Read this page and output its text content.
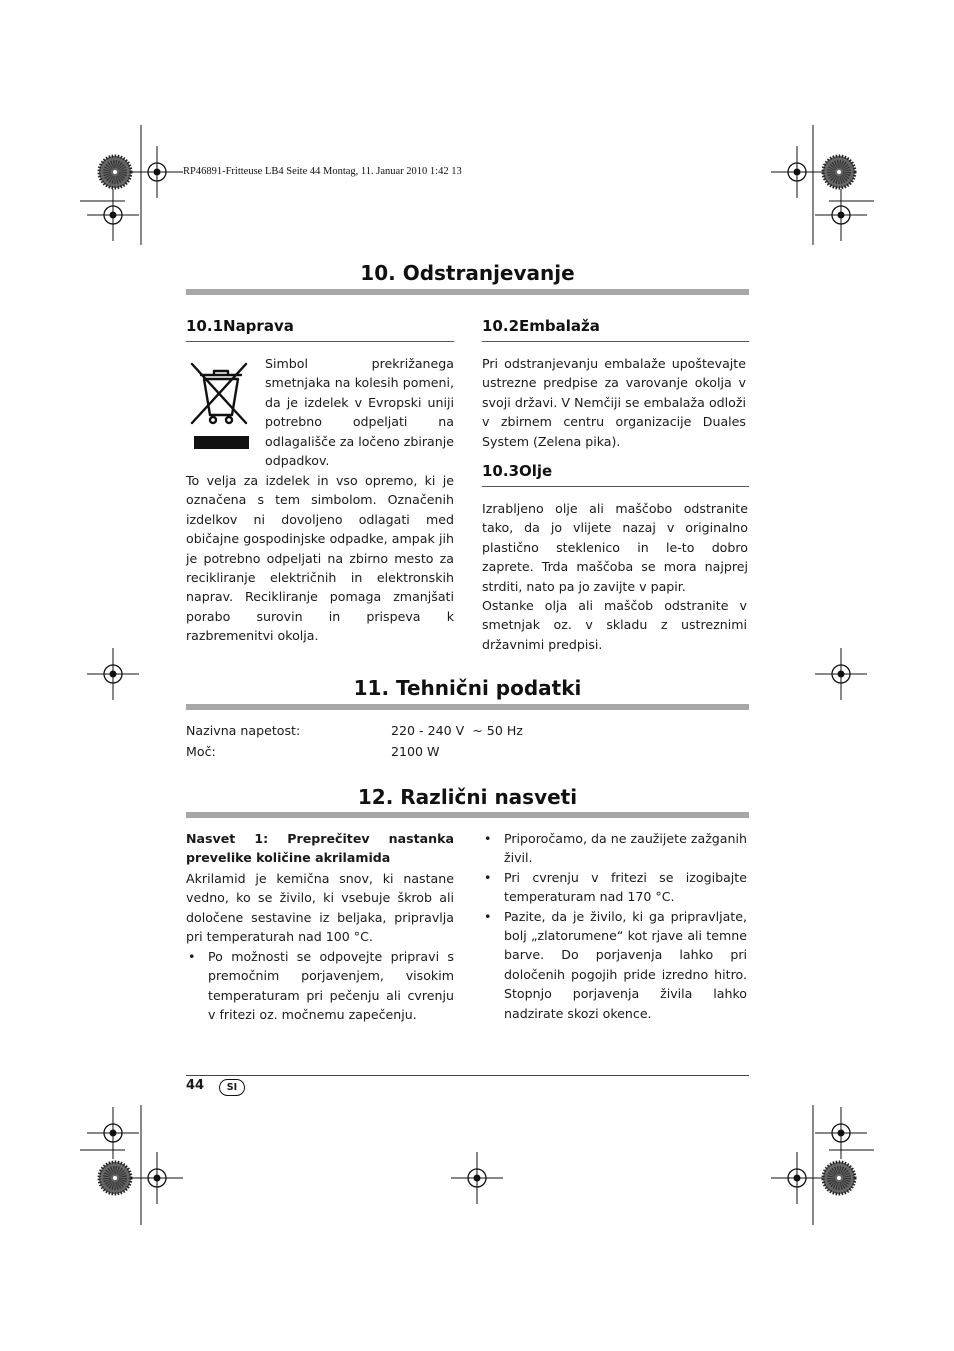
RP46891-Fritteuse LB4 Seite 44 Montag, 11. Januar 2010 1:42 13
10. Odstranjevanje
10.1Naprava
Simbol prekrižanega smetnjaka na kolesih pomeni, da je izdelek v Evropski uniji potrebno odpeljati na odlagališče za ločeno zbiranje odpadkov.
To velja za izdelek in vso opremo, ki je označena s tem simbolom. Označenih izdelkov ni dovoljeno odlagati med običajne gospodinjske odpadke, ampak jih je potrebno odpeljati na zbirno mesto za recikliranje električnih in elektronskih naprav. Recikliranje pomaga zmanjšati porabo surovin in prispeva k razbremenitvi okolja.
10.2Embalaža
Pri odstranjevanju embalaže upoštevajte ustrezne predpise za varovanje okolja v svoji državi. V Nemčiji se embalaža odloži v zbirnem centru organizacije Duales System (Zelena pika).
10.3Olje
Izrabljeno olje ali maščobo odstranite tako, da jo vlijete nazaj v originalno plastično steklenico in le-to dobro zaprete. Trda maščoba se mora najprej strditi, nato pa jo zavijte v papir.
Ostanke olja ali maščob odstranite v smetnjak oz. v skladu z ustreznimi državnimi predpisi.
11. Tehnični podatki
Nazivna napetost:	220 - 240 V  ~ 50 Hz
Moč:	2100 W
12. Različni nasveti
Nasvet 1: Preprečitev nastanka prevelike količine akrilamida
Akrilamid je kemična snov, ki nastane vedno, ko se živilo, ki vsebuje škrob ali določene sestavine iz beljaka, pripravlja pri temperaturah nad 100 °C.
• Po možnosti se odpovejte pripravi s premočnim porjavenjem, visokim temperaturam pri pečenju ali cvrenju v fritezi oz. močnemu zapečenju.
• Priporočamo, da ne zaužijete zažganih živil.
• Pri cvrenju v fritezi se izogibajte temperaturam nad 170 °C.
• Pazite, da je živilo, ki ga pripravljate, bolj „zlatorumene“ kot rjave ali temne barve. Do porjavenja lahko pri določenih pogojih pride izredno hitro. Stopnjo porjavenja živila lahko nadzirate skozi okence.
44	SI
